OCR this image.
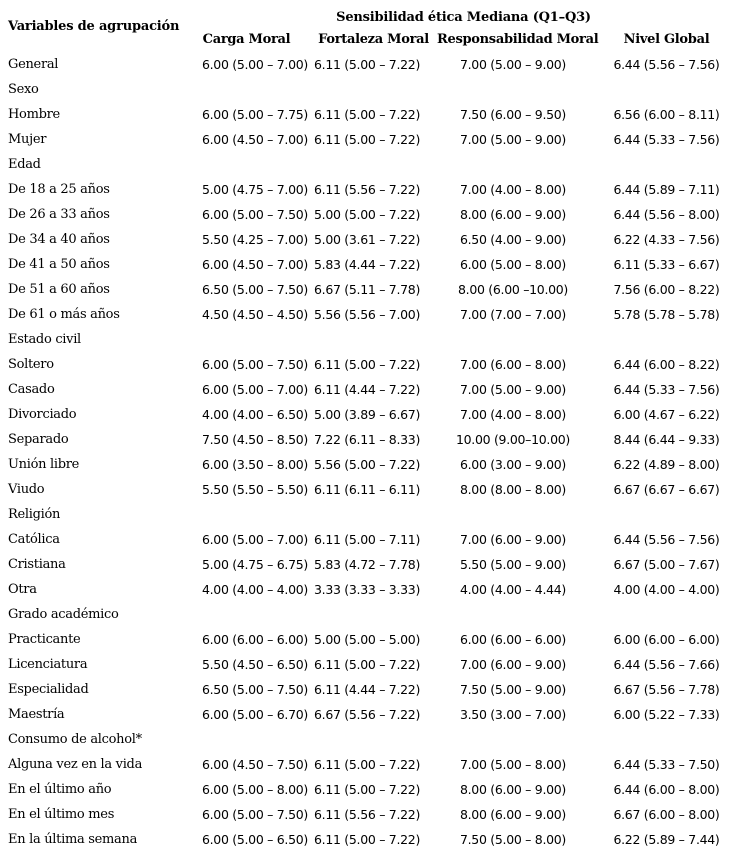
Variables de agrupación	Sensibilidad ética Mediana (Q1–Q3)			
	Carga Moral	Fortaleza Moral	Responsabilidad Moral	Nivel Global
General	6.00 (5.00 – 7.00)	6.11 (5.00 – 7.22)	7.00 (5.00 – 9.00)	6.44 (5.56 – 7.56)
Sexo				
Hombre	6.00 (5.00 – 7.75)	6.11 (5.00 – 7.22)	7.50 (6.00 – 9.50)	6.56 (6.00 – 8.11)
Mujer	6.00 (4.50 – 7.00)	6.11 (5.00 – 7.22)	7.00 (5.00 – 9.00)	6.44 (5.33 – 7.56)
Edad				
De 18 a 25 años	5.00 (4.75 – 7.00)	6.11 (5.56 – 7.22)	7.00 (4.00 – 8.00)	6.44 (5.89 – 7.11)
De 26 a 33 años	6.00 (5.00 – 7.50)	5.00 (5.00 – 7.22)	8.00 (6.00 – 9.00)	6.44 (5.56 – 8.00)
De 34 a 40 años	5.50 (4.25 – 7.00)	5.00 (3.61 – 7.22)	6.50 (4.00 – 9.00)	6.22 (4.33 – 7.56)
De 41 a 50 años	6.00 (4.50 – 7.00)	5.83 (4.44 – 7.22)	6.00 (5.00 – 8.00)	6.11 (5.33 – 6.67)
De 51 a 60 años	6.50 (5.00 – 7.50)	6.67 (5.11 – 7.78)	8.00 (6.00 –10.00)	7.56 (6.00 – 8.22)
De 61 o más años	4.50 (4.50 – 4.50)	5.56 (5.56 – 7.00)	7.00 (7.00 – 7.00)	5.78 (5.78 – 5.78)
Estado civil				
Soltero	6.00 (5.00 – 7.50)	6.11 (5.00 – 7.22)	7.00 (6.00 – 8.00)	6.44 (6.00 – 8.22)
Casado	6.00 (5.00 – 7.00)	6.11 (4.44 – 7.22)	7.00 (5.00 – 9.00)	6.44 (5.33 – 7.56)
Divorciado	4.00 (4.00 – 6.50)	5.00 (3.89 – 6.67)	7.00 (4.00 – 8.00)	6.00 (4.67 – 6.22)
Separado	7.50 (4.50 – 8.50)	7.22 (6.11 – 8.33)	10.00 (9.00–10.00)	8.44 (6.44 – 9.33)
Unión libre	6.00 (3.50 – 8.00)	5.56 (5.00 – 7.22)	6.00 (3.00 – 9.00)	6.22 (4.89 – 8.00)
Viudo	5.50 (5.50 – 5.50)	6.11 (6.11 – 6.11)	8.00 (8.00 – 8.00)	6.67 (6.67 – 6.67)
Religión				
Católica	6.00 (5.00 – 7.00)	6.11 (5.00 – 7.11)	7.00 (6.00 – 9.00)	6.44 (5.56 – 7.56)
Cristiana	5.00 (4.75 – 6.75)	5.83 (4.72 – 7.78)	5.50 (5.00 – 9.00)	6.67 (5.00 – 7.67)
Otra	4.00 (4.00 – 4.00)	3.33 (3.33 – 3.33)	4.00 (4.00 – 4.44)	4.00 (4.00 – 4.00)
Grado académico				
Practicante	6.00 (6.00 – 6.00)	5.00 (5.00 – 5.00)	6.00 (6.00 – 6.00)	6.00 (6.00 – 6.00)
Licenciatura	5.50 (4.50 – 6.50)	6.11 (5.00 – 7.22)	7.00 (6.00 – 9.00)	6.44 (5.56 – 7.66)
Especialidad	6.50 (5.00 – 7.50)	6.11 (4.44 – 7.22)	7.50 (5.00 – 9.00)	6.67 (5.56 – 7.78)
Maestría	6.00 (5.00 – 6.70)	6.67 (5.56 – 7.22)	3.50 (3.00 – 7.00)	6.00 (5.22 – 7.33)
Consumo de alcohol*				
Alguna vez en la vida	6.00 (4.50 – 7.50)	6.11 (5.00 – 7.22)	7.00 (5.00 – 8.00)	6.44 (5.33 – 7.50)
En el último año	6.00 (5.00 – 8.00)	6.11 (5.00 – 7.22)	8.00 (6.00 – 9.00)	6.44 (6.00 – 8.00)
En el último mes	6.00 (5.00 – 7.50)	6.11 (5.56 – 7.22)	8.00 (6.00 – 9.00)	6.67 (6.00 – 8.00)
En la última semana	6.00 (5.00 – 6.50)	6.11 (5.00 – 7.22)	7.50 (5.00 – 8.00)	6.22 (5.89 – 7.44)
